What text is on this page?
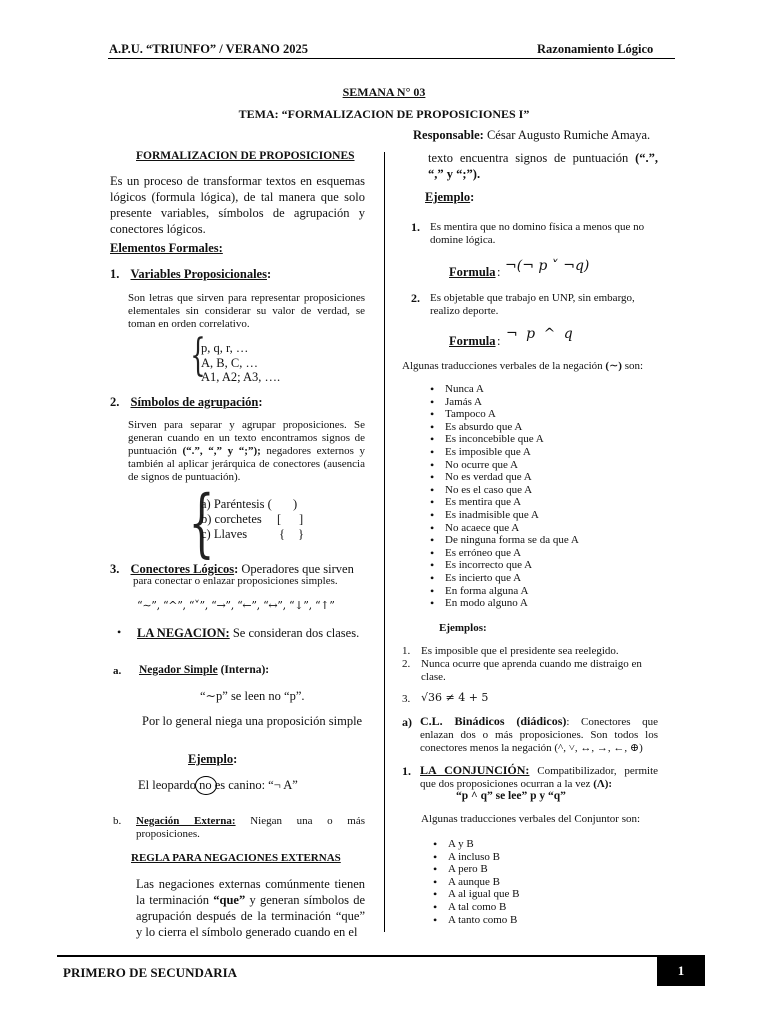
A.P.U. “TRIUNFO” / VERANO 2025	Razonamiento Lógico
SEMANA N° 03
TEMA: “FORMALIZACION DE PROPOSICIONES I”
Responsable: César Augusto Rumiche Amaya.
FORMALIZACION DE PROPOSICIONES
Es un proceso de transformar textos en esquemas lógicos (formula lógica), de tal manera que solo presente variables, símbolos de agrupación y conectores lógicos.
Elementos Formales:
1. Variables Proposicionales:
Son letras que sirven para representar proposiciones elementales sin considerar su valor de verdad, se toman en orden correlativo.
{
p, q, r, …
A, B, C, …
A1, A2; A3, ….
2. Símbolos de agrupación:
Sirven para separar y agrupar proposiciones. Se generan cuando en un texto encontramos signos de puntuación (“.”, “,” y “;”); negadores externos y también al aplicar jerárquica de conectores (ausencia de signos de puntuación).
{
a) Paréntesis ( )
b) corchetes [ ]
c) Llaves	{ }
3. Conectores Lógicos: Operadores que sirven
para conectar o enlazar proposiciones simples.
“∼”, “^”, “˅”, “→”, “←”, “↔”, “↓”, “↑”
• LA NEGACION: Se consideran dos clases.
a. Negador Simple (Interna):
“∼p” se leen no “p”.
Por lo general niega una proposición simple
Ejemplo:
El leopardo no es canino: “¬ A”
b. Negación Externa: Niegan una o más proposiciones.
REGLA PARA NEGACIONES EXTERNAS
Las negaciones externas comúnmente tienen la terminación “que” y generan símbolos de agrupación después de la terminación “que” y lo cierra el símbolo generado cuando en el
texto encuentra signos de puntuación (“.”, “,” y “;”).
Ejemplo:
1. Es mentira que no domino física a menos que no domine lógica.
Formula : ¬(¬ p ˅ ¬q)
2. Es objetable que trabajo en UNP, sin embargo, realizo deporte.
Formula : ¬ p ^ q
Algunas traducciones verbales de la negación (∼) son:
• Nunca A
• Jamás A
• Tampoco A
• Es absurdo que A
• Es inconcebible que A
• Es imposible que A
• No ocurre que A
• No es verdad que A
• No es el caso que A
• Es mentira que A
• Es inadmisible que A
• No acaece que A
• De ninguna forma se da que A
• Es erróneo que A
• Es incorrecto que A
• Es incierto que A
• En forma alguna A
• En modo alguno A
Ejemplos:
1. Es imposible que el presidente sea reelegido.
2. Nunca ocurre que aprenda cuando me distraigo en clase.
3. √36 ≠ 4 + 5
a) C.L. Binádicos (diádicos): Conectores que enlazan dos o más proposiciones. Son todos los conectores menos la negación (^, ˅, ↔, →, ←, ⊕)
1. LA CONJUNCIÓN: Compatibilizador, permite que dos proposiciones ocurran a la vez (Λ):
“p ^ q” se lee” p y “q”
Algunas traducciones verbales del Conjuntor son:
• A y B
• A incluso B
• A pero B
• A aunque B
• A al igual que B
• A tal como B
• A tanto como B
PRIMERO DE SECUNDARIA	1
